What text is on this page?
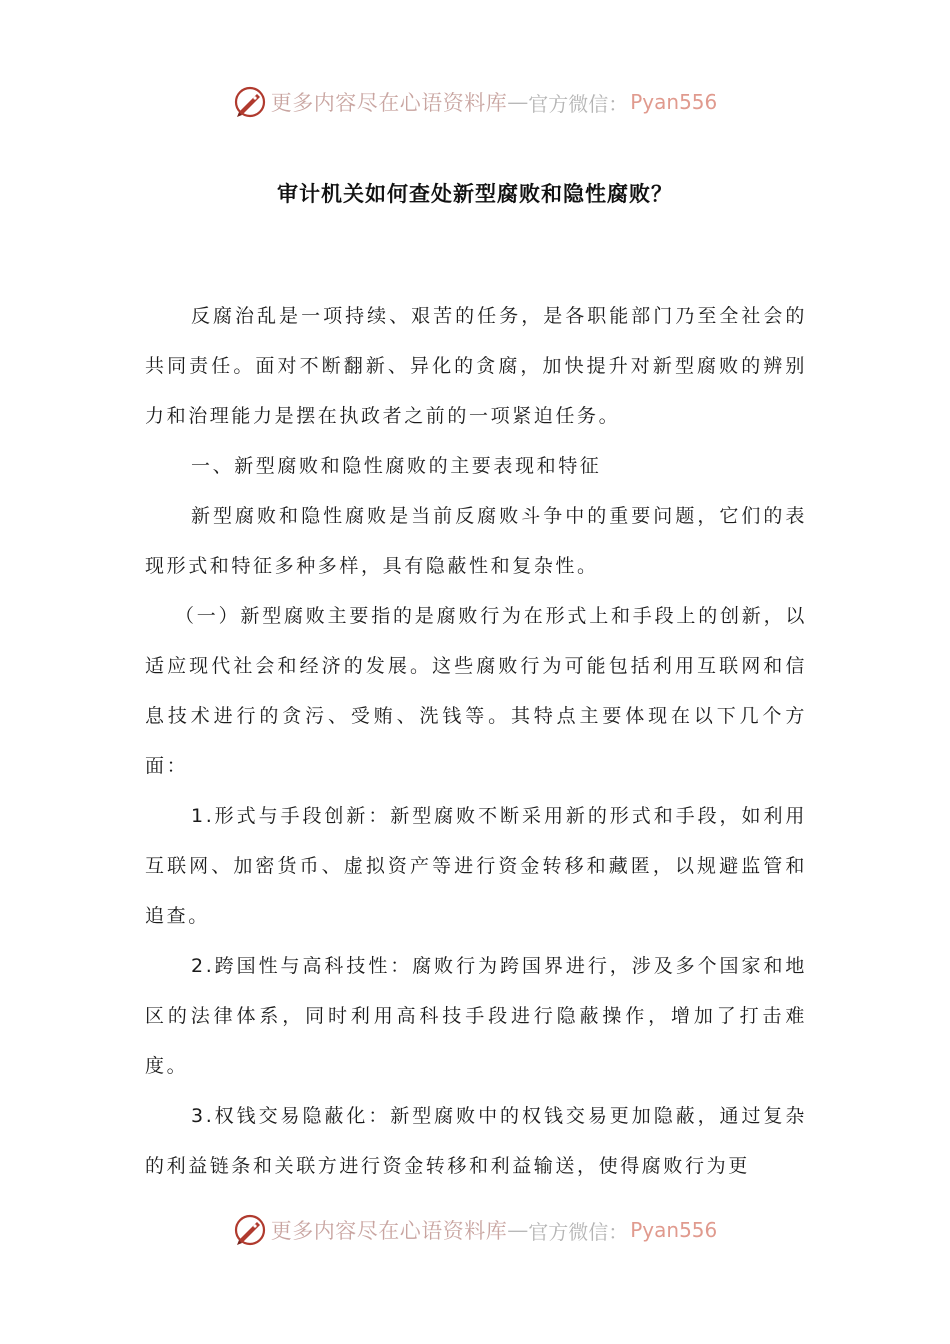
更多内容尽在心语资料库 — 官方微信： Pyan556
审计机关如何查处新型腐败和隐性腐败？

反腐治乱是一项持续、艰苦的任务，是各职能部门乃至全社会的共同责任。面对不断翻新、异化的贪腐，加快提升对新型腐败的辨别力和治理能力是摆在执政者之前的一项紧迫任务。

一、新型腐败和隐性腐败的主要表现和特征

新型腐败和隐性腐败是当前反腐败斗争中的重要问题，它们的表现形式和特征多种多样，具有隐蔽性和复杂性。

（一）新型腐败主要指的是腐败行为在形式上和手段上的创新，以适应现代社会和经济的发展。这些腐败行为可能包括利用互联网和信息技术进行的贪污、受贿、洗钱等。其特点主要体现在以下几个方面：

1.形式与手段创新：新型腐败不断采用新的形式和手段，如利用互联网、加密货币、虚拟资产等进行资金转移和藏匿，以规避监管和追查。

2.跨国性与高科技性：腐败行为跨国界进行，涉及多个国家和地区的法律体系，同时利用高科技手段进行隐蔽操作，增加了打击难度。

3.权钱交易隐蔽化：新型腐败中的权钱交易更加隐蔽，通过复杂的利益链条和关联方进行资金转移和利益输送，使得腐败行为更

更多内容尽在心语资料库 — 官方微信： Pyan556
